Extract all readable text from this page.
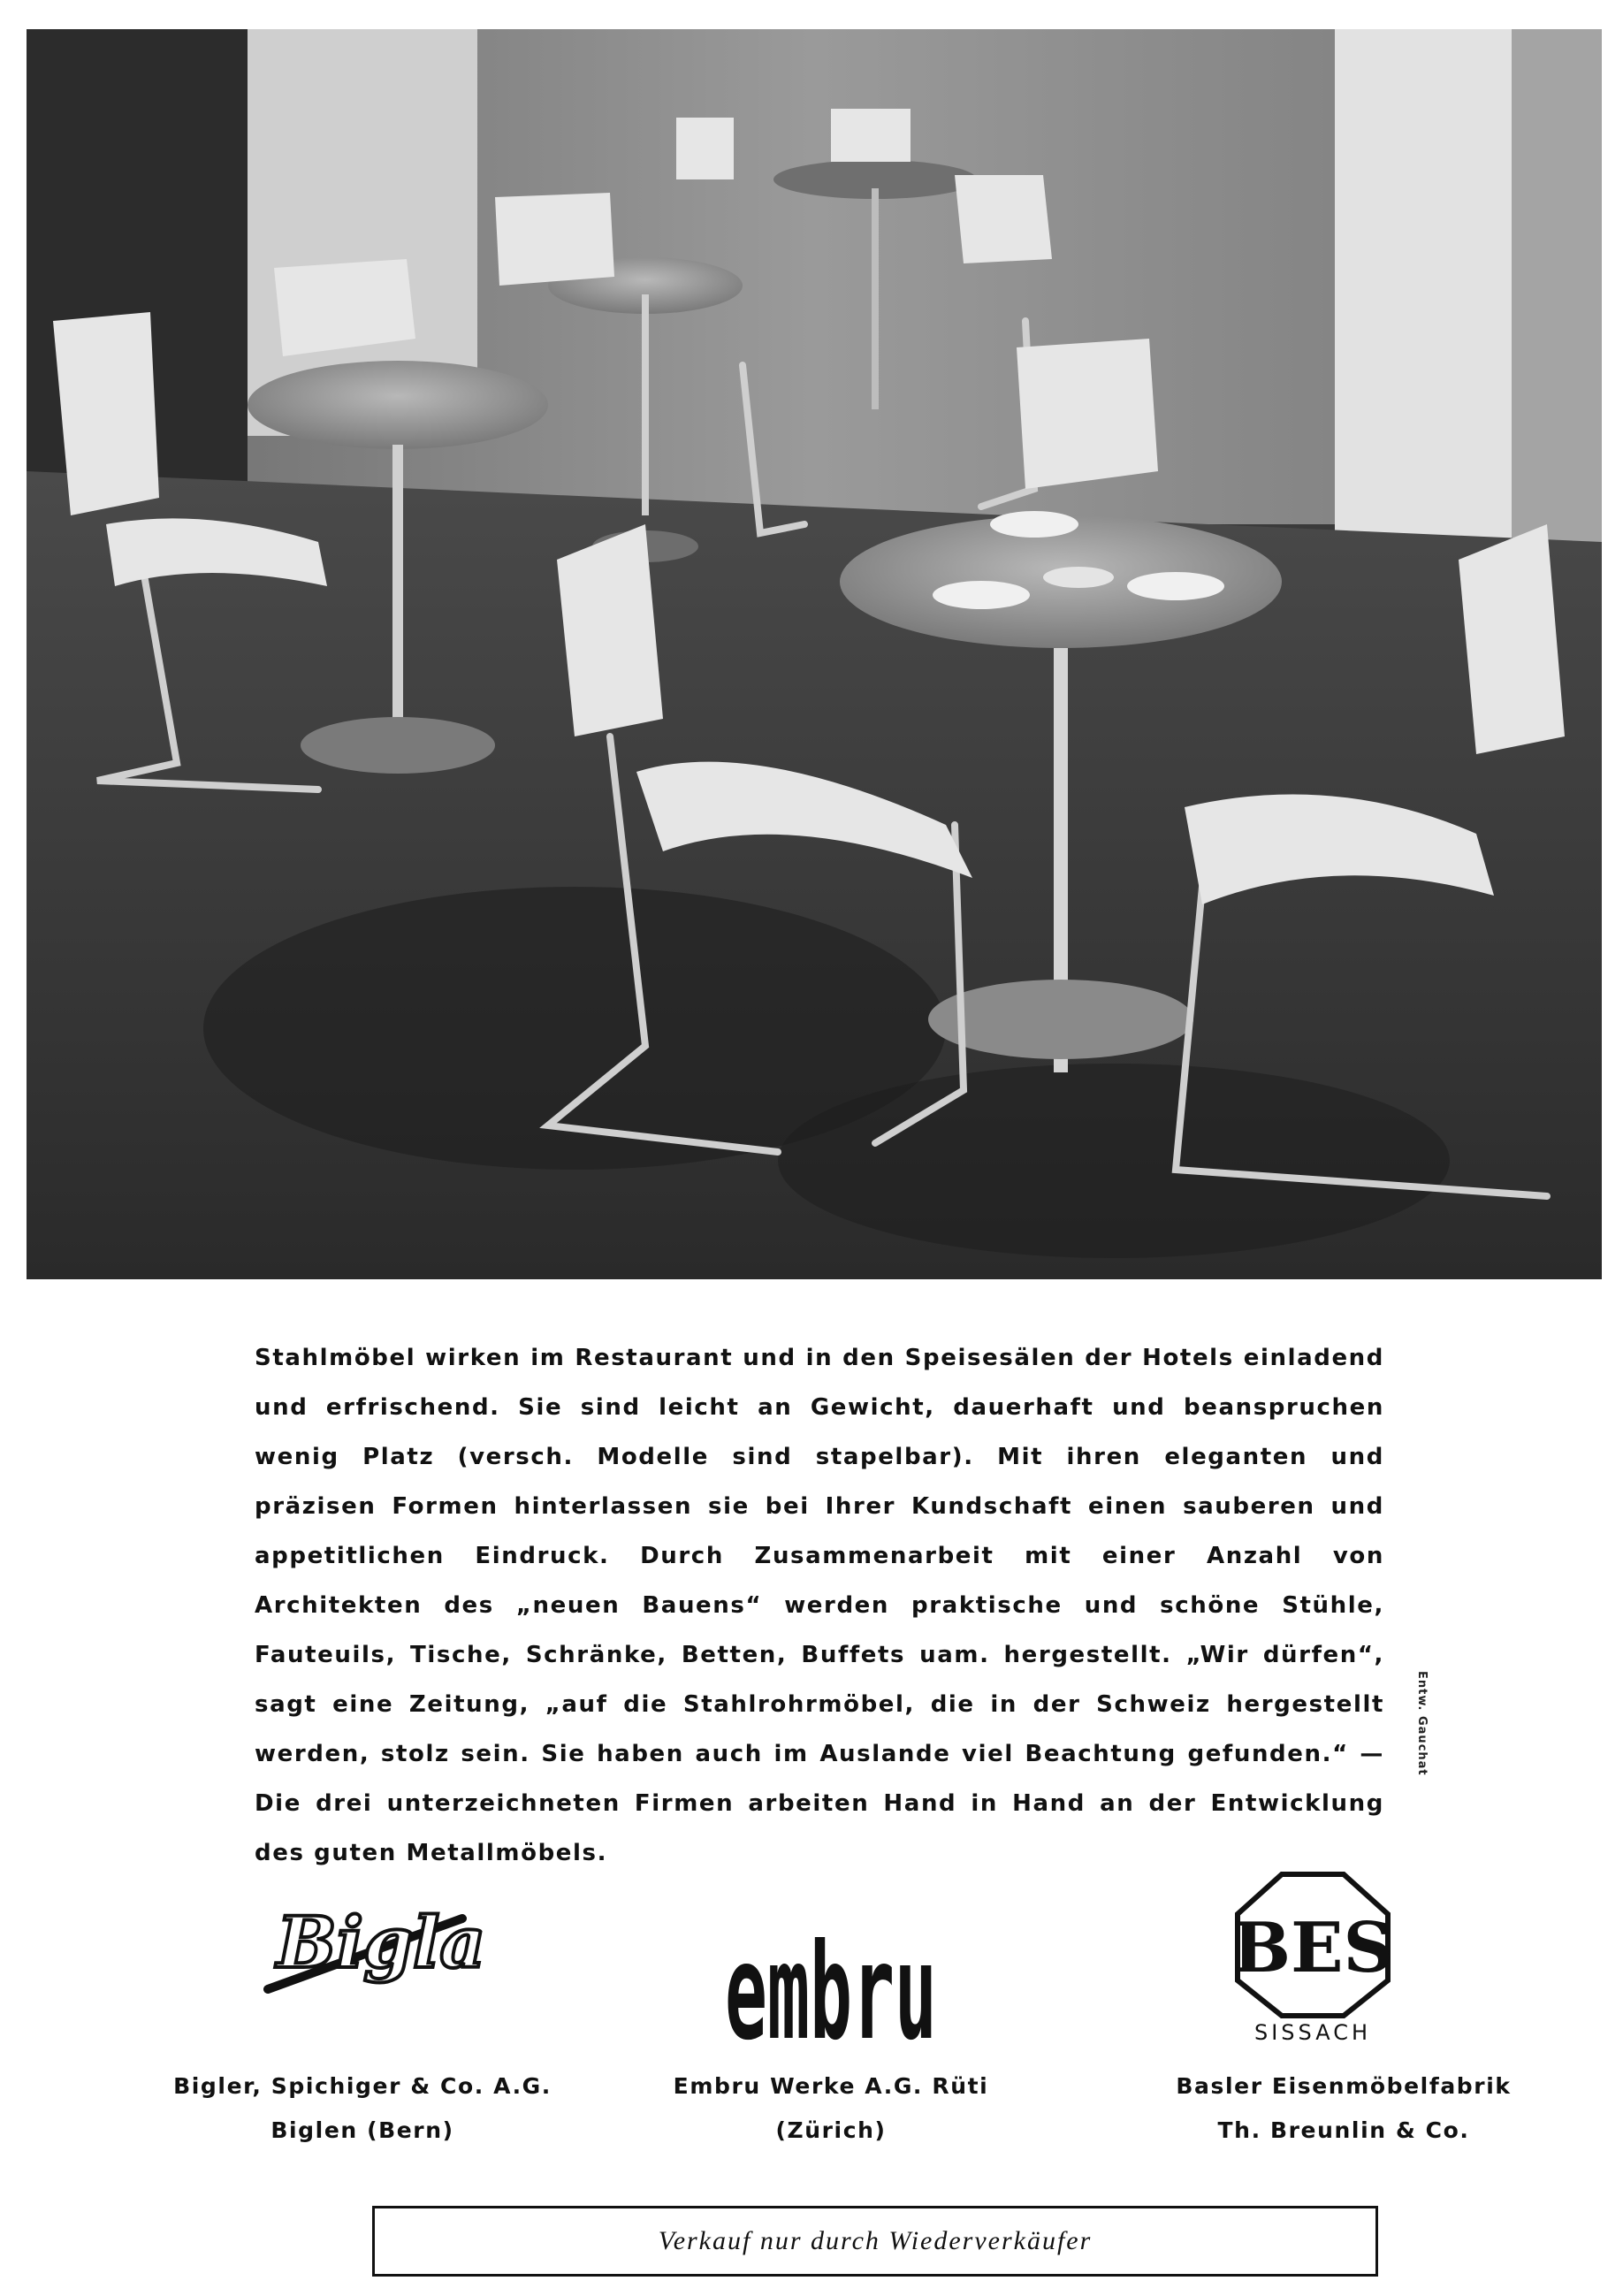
Stahlmöbel wirken im Restaurant und in den Speisesälen der Hotels einladend und erfrischend. Sie sind leicht an Gewicht, dauerhaft und beanspruchen wenig Platz (versch. Modelle sind stapelbar). Mit ihren eleganten und präzisen Formen hinterlassen sie bei Ihrer Kundschaft einen sauberen und appetitlichen Eindruck. Durch Zusammenarbeit mit einer Anzahl von Architekten des „neuen Bauens“ werden praktische und schöne Stühle, Fauteuils, Tische, Schränke, Betten, Buffets uam. hergestellt. „Wir dürfen“, sagt eine Zeitung, „auf die Stahlrohrmöbel, die in der Schweiz hergestellt werden, stolz sein. Sie haben auch im Auslande viel Beachtung gefunden.“ — Die drei unterzeichneten Firmen arbeiten Hand in Hand an der Entwicklung des guten Metallmöbels.
Entw. Gauchat
Bigla embru	BES
SISSACH
Bigler, Spichiger & Co. A.G.
Biglen (Bern)
Embru Werke A.G. Rüti
(Zürich)
Basler Eisenmöbelfabrik
Th. Breunlin & Co.
Verkauf nur durch Wiederverkäufer
